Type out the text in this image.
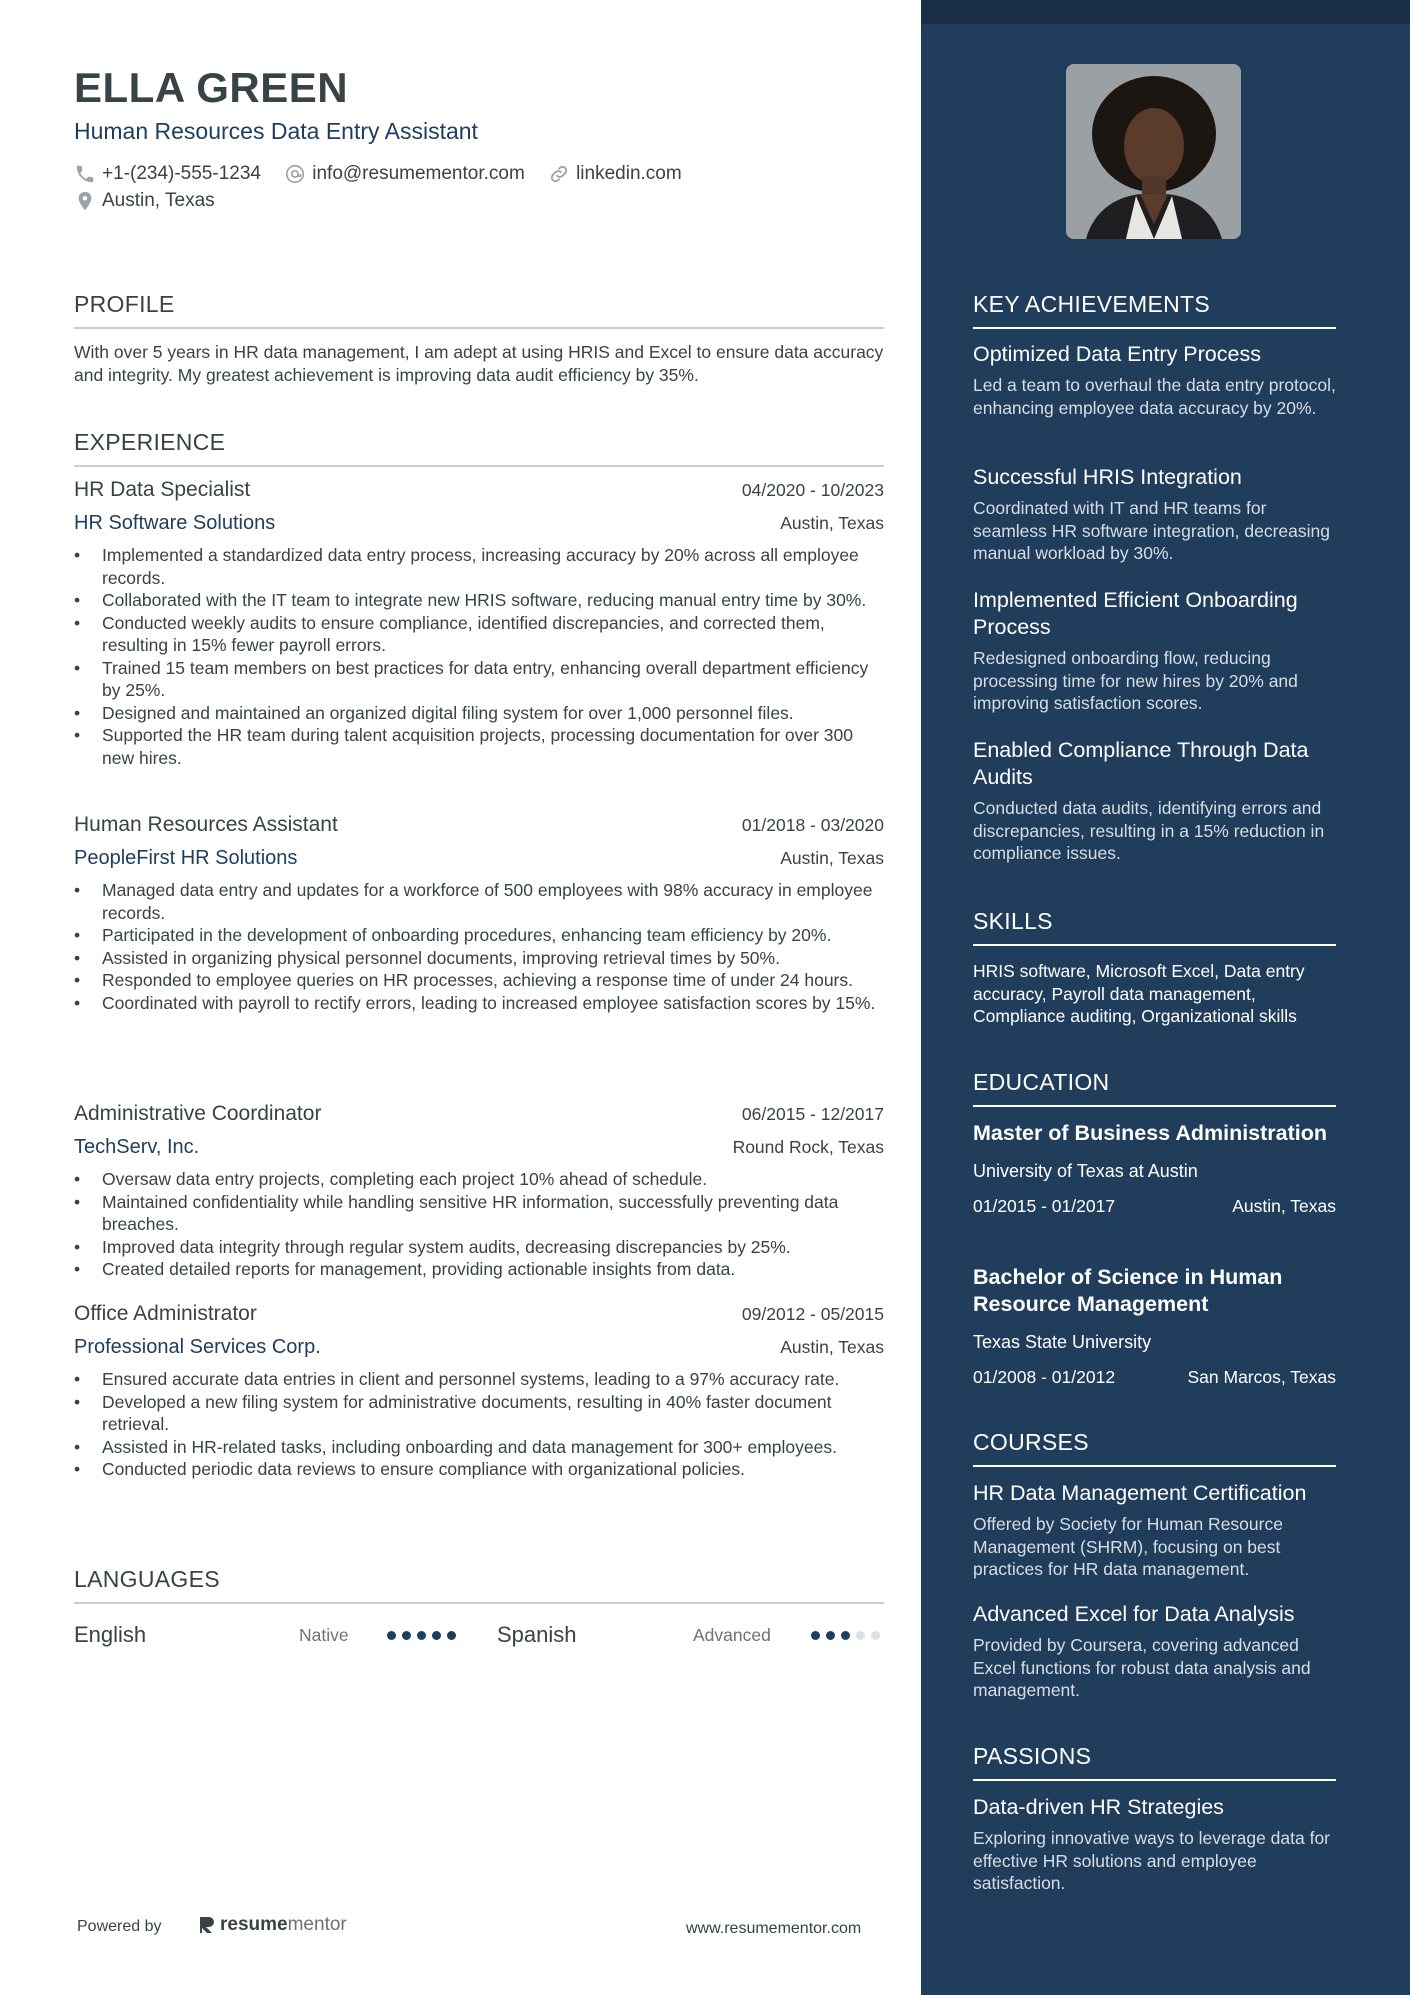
ELLA GREEN
Human Resources Data Entry Assistant
+1-(234)-555-1234
	info@resumementor.com
	linkedin.com
Austin, Texas
PROFILE
With over 5 years in HR data management, I am adept at using HRIS and Excel to ensure data accuracy and integrity. My greatest achievement is improving data audit efficiency by 35%.
EXPERIENCE
HR Data Specialist	04/2020 - 10/2023
HR Software Solutions	Austin, Texas
• Implemented a standardized data entry process, increasing accuracy by 20% across all employee records.
• Collaborated with the IT team to integrate new HRIS software, reducing manual entry time by 30%.
• Conducted weekly audits to ensure compliance, identified discrepancies, and corrected them, resulting in 15% fewer payroll errors.
• Trained 15 team members on best practices for data entry, enhancing overall department efficiency by 25%.
• Designed and maintained an organized digital filing system for over 1,000 personnel files.
• Supported the HR team during talent acquisition projects, processing documentation for over 300 new hires.
Human Resources Assistant	01/2018 - 03/2020
PeopleFirst HR Solutions	Austin, Texas
• Managed data entry and updates for a workforce of 500 employees with 98% accuracy in employee records.
• Participated in the development of onboarding procedures, enhancing team efficiency by 20%.
• Assisted in organizing physical personnel documents, improving retrieval times by 50%.
• Responded to employee queries on HR processes, achieving a response time of under 24 hours.
• Coordinated with payroll to rectify errors, leading to increased employee satisfaction scores by 15%.
Administrative Coordinator	06/2015 - 12/2017
TechServ, Inc.	Round Rock, Texas
• Oversaw data entry projects, completing each project 10% ahead of schedule.
• Maintained confidentiality while handling sensitive HR information, successfully preventing data breaches.
• Improved data integrity through regular system audits, decreasing discrepancies by 25%.
• Created detailed reports for management, providing actionable insights from data.
Office Administrator	09/2012 - 05/2015
Professional Services Corp.	Austin, Texas
• Ensured accurate data entries in client and personnel systems, leading to a 97% accuracy rate.
• Developed a new filing system for administrative documents, resulting in 40% faster document retrieval.
• Assisted in HR-related tasks, including onboarding and data management for 300+ employees.
• Conducted periodic data reviews to ensure compliance with organizational policies.
LANGUAGES
English	Native	Spanish	Advanced
Powered by	resume mentor	www.resumementor.com
KEY ACHIEVEMENTS
Optimized Data Entry Process
Led a team to overhaul the data entry protocol, enhancing employee data accuracy by 20%.
Successful HRIS Integration
Coordinated with IT and HR teams for seamless HR software integration, decreasing manual workload by 30%.
Implemented Efficient Onboarding Process
Redesigned onboarding flow, reducing processing time for new hires by 20% and improving satisfaction scores.
Enabled Compliance Through Data Audits
Conducted data audits, identifying errors and discrepancies, resulting in a 15% reduction in compliance issues.
SKILLS
HRIS software, Microsoft Excel, Data entry accuracy, Payroll data management, Compliance auditing, Organizational skills
EDUCATION
Master of Business Administration
University of Texas at Austin
01/2015 - 01/2017	Austin, Texas
Bachelor of Science in Human Resource Management
Texas State University
01/2008 - 01/2012	San Marcos, Texas
COURSES
HR Data Management Certification
Offered by Society for Human Resource Management (SHRM), focusing on best practices for HR data management.
Advanced Excel for Data Analysis
Provided by Coursera, covering advanced Excel functions for robust data analysis and management.
PASSIONS
Data-driven HR Strategies
Exploring innovative ways to leverage data for effective HR solutions and employee satisfaction.
